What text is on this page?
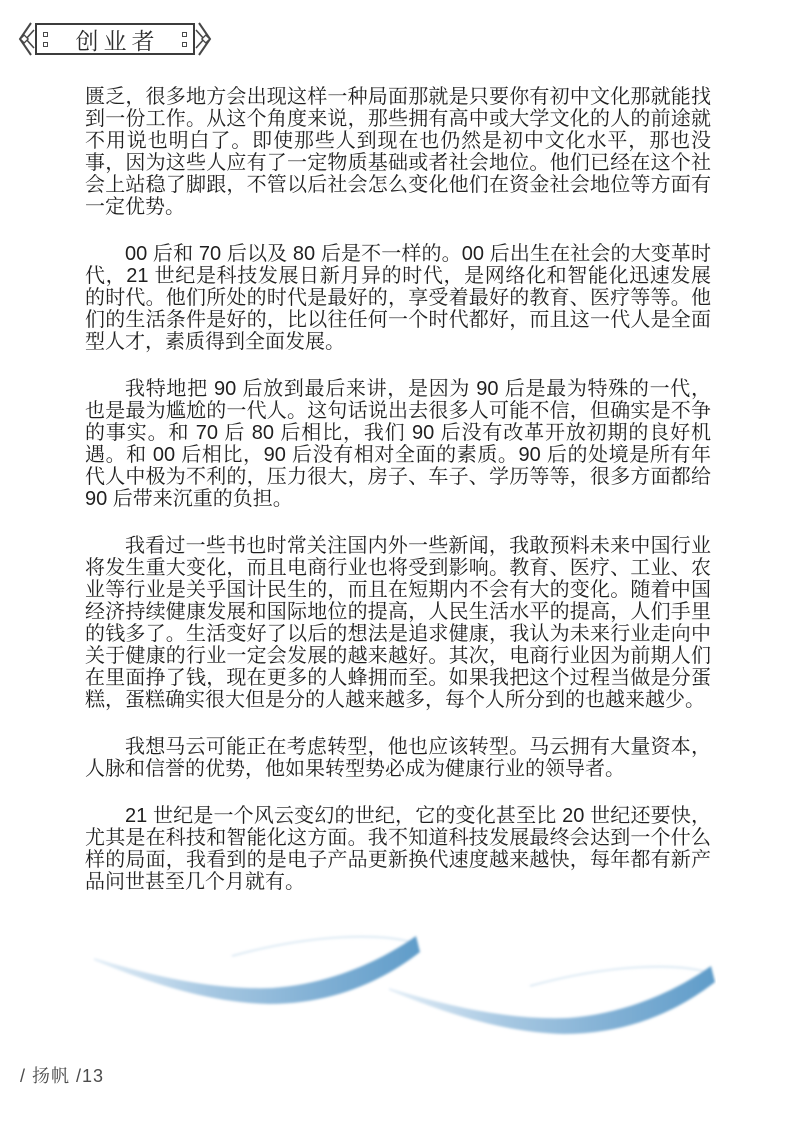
创业者

匮乏，很多地方会出现这样一种局面那就是只要你有初中文化那就能找到一份工作。从这个角度来说，那些拥有高中或大学文化的人的前途就不用说也明白了。即使那些人到现在也仍然是初中文化水平，那也没事，因为这些人应有了一定物质基础或者社会地位。他们已经在这个社会上站稳了脚跟，不管以后社会怎么变化他们在资金社会地位等方面有一定优势。

00 后和 70 后以及 80 后是不一样的。00 后出生在社会的大变革时代，21 世纪是科技发展日新月异的时代，是网络化和智能化迅速发展的时代。他们所处的时代是最好的，享受着最好的教育、医疗等等。他们的生活条件是好的，比以往任何一个时代都好，而且这一代人是全面型人才，素质得到全面发展。

我特地把 90 后放到最后来讲，是因为 90 后是最为特殊的一代，也是最为尴尬的一代人。这句话说出去很多人可能不信，但确实是不争的事实。和 70 后 80 后相比，我们 90 后没有改革开放初期的良好机遇。和 00 后相比，90 后没有相对全面的素质。90 后的处境是所有年代人中极为不利的，压力很大，房子、车子、学历等等，很多方面都给 90 后带来沉重的负担。

我看过一些书也时常关注国内外一些新闻，我敢预料未来中国行业将发生重大变化，而且电商行业也将受到影响。教育、医疗、工业、农业等行业是关乎国计民生的，而且在短期内不会有大的变化。随着中国经济持续健康发展和国际地位的提高，人民生活水平的提高，人们手里的钱多了。生活变好了以后的想法是追求健康，我认为未来行业走向中关于健康的行业一定会发展的越来越好。其次，电商行业因为前期人们在里面挣了钱，现在更多的人蜂拥而至。如果我把这个过程当做是分蛋糕，蛋糕确实很大但是分的人越来越多，每个人所分到的也越来越少。

我想马云可能正在考虑转型，他也应该转型。马云拥有大量资本，人脉和信誉的优势，他如果转型势必成为健康行业的领导者。

21 世纪是一个风云变幻的世纪，它的变化甚至比 20 世纪还要快，尤其是在科技和智能化这方面。我不知道科技发展最终会达到一个什么样的局面，我看到的是电子产品更新换代速度越来越快，每年都有新产品问世甚至几个月就有。

/ 扬帆 /13
